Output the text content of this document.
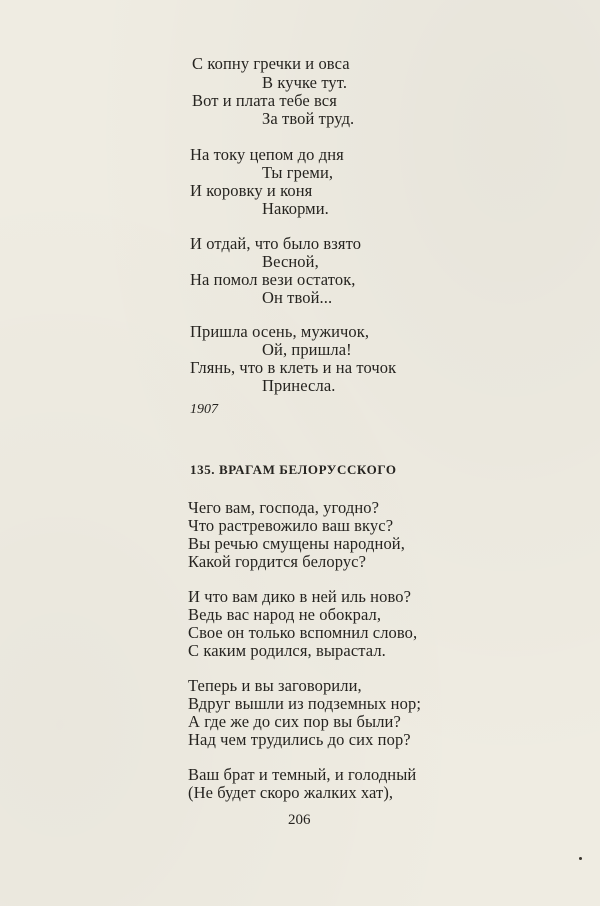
С копну гречки и овса
В кучке тут.
Вот и плата тебе вся
За твой труд.
На току цепом до дня
Ты греми,
И коровку и коня
Накорми.
И отдай, что было взято
Весной,
На помол вези остаток,
Он твой...
Пришла осень, мужичок,
Ой, пришла!
Глянь, что в клеть и на точок
Принесла.
1907
135. ВРАГАМ БЕЛОРУССКОГО
Чего вам, господа, угодно?
Что растревожило ваш вкус?
Вы речью смущены народной,
Какой гордится белорус?
И что вам дико в ней иль ново?
Ведь вас народ не обокрал,
Свое он только вспомнил слово,
С каким родился, вырастал.
Теперь и вы заговорили,
Вдруг вышли из подземных нор;
А где же до сих пор вы были?
Над чем трудились до сих пор?
Ваш брат и темный, и голодный
(Не будет скоро жалких хат),
206
